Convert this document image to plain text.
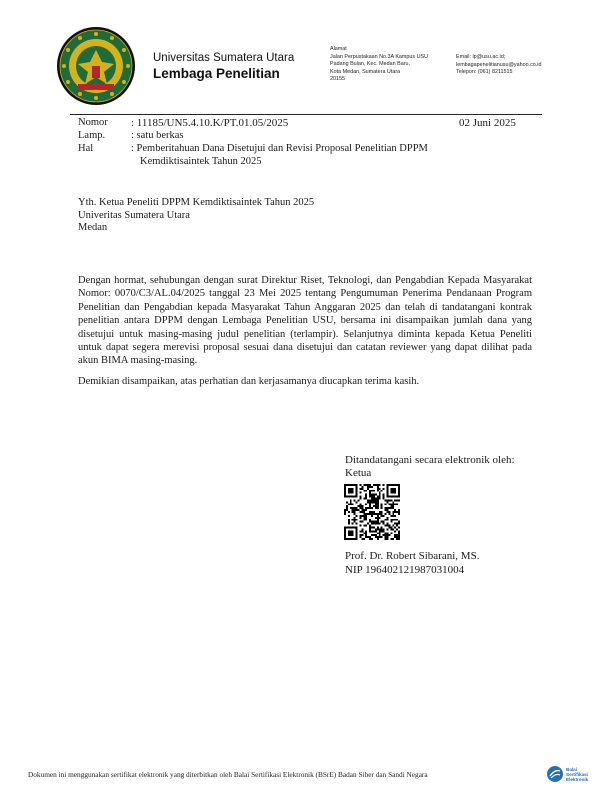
Universitas Sumatera Utara
Lembaga Penelitian
Alamat
Jalan Perpustakaan No.3A Kampus USU
Padang Bulan, Kec. Medan Baru,
Kota Medan, Sumatera Utara
20155
Email: lp@usu.ac.id;
lembagapenelitianusu@yahoo.co.id
Telepon: (061) 8211515
Nomor : 11185/UN5.4.10.K/PT.01.05/2025	02 Juni 2025
Lamp. : satu berkas
Hal	: Pemberitahuan Dana Disetujui dan Revisi Proposal Penelitian DPPM
Kemdiktisaintek Tahun 2025
Yth. Ketua Peneliti DPPM Kemdiktisaintek Tahun 2025
Univeritas Sumatera Utara
Medan
Dengan hormat, sehubungan dengan surat Direktur Riset, Teknologi, dan Pengabdian Kepada Masyarakat Nomor: 0070/C3/AL.04/2025 tanggal 23 Mei 2025 tentang Pengumuman Penerima Pendanaan Program Penelitian dan Pengabdian kepada Masyarakat Tahun Anggaran 2025 dan telah di tandatangani kontrak penelitian antara DPPM dengan Lembaga Penelitian USU, bersama ini disampaikan jumlah dana yang disetujui untuk masing-masing judul penelitian (terlampir). Selanjutnya diminta kepada Ketua Peneliti untuk dapat segera merevisi proposal sesuai dana disetujui dan catatan reviewer yang dapat dilihat pada akun BIMA masing-masing.
Demikian disampaikan, atas perhatian dan kerjasamanya diucapkan terima kasih.
Ditandatangani secara elektronik oleh:
Ketua
Prof. Dr. Robert Sibarani, MS.
NIP 196402121987031004
Dokumen ini menggunakan sertifikat elektronik yang diterbitkan oleh Balai Sertifikasi Elektronik (BSrE) Badan Siber dan Sandi Negara
Balai
Sertifikasi
Elektronik
